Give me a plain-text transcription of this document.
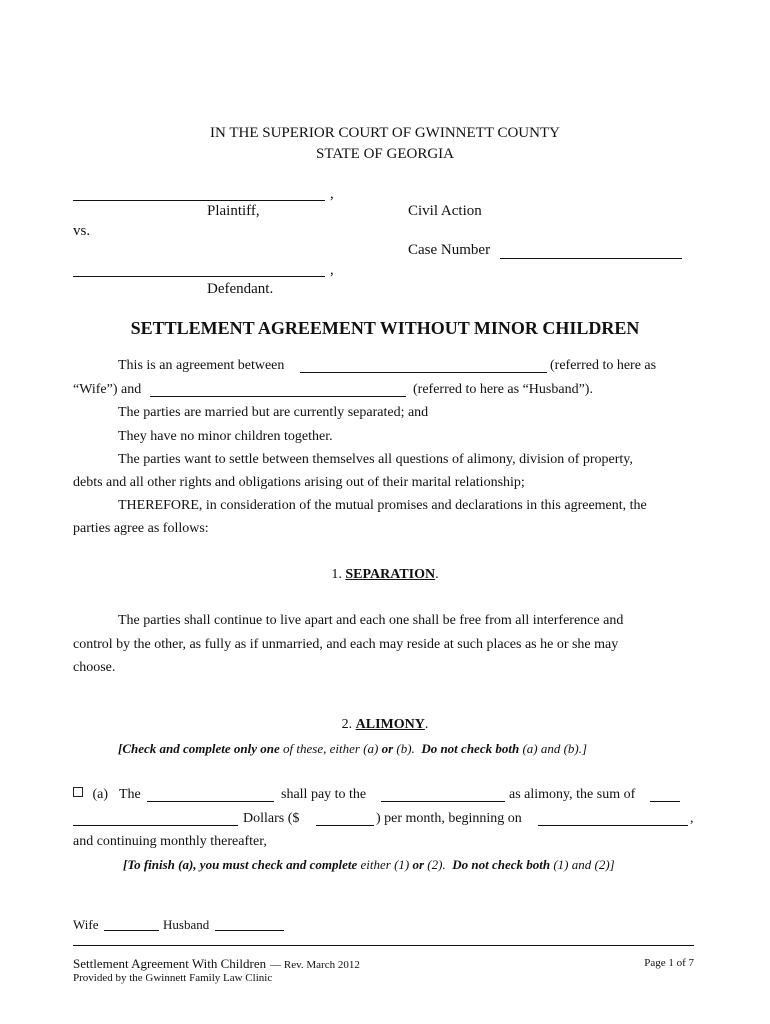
IN THE SUPERIOR COURT OF GWINNETT COUNTY
STATE OF GEORGIA
,
Plaintiff,	Civil Action
vs.
Case Number
,
Defendant.
SETTLEMENT AGREEMENT WITHOUT MINOR CHILDREN
This is an agreement between	(referred to here as
“Wife”) and	(referred to here as “Husband”).
The parties are married but are currently separated; and
They have no minor children together.
The parties want to settle between themselves all questions of alimony, division of property,
debts and all other rights and obligations arising out of their marital relationship;
THEREFORE, in consideration of the mutual promises and declarations in this agreement, the
parties agree as follows:
1. SEPARATION.
The parties shall continue to live apart and each one shall be free from all interference and
control by the other, as fully as if unmarried, and each may reside at such places as he or she may
choose.
2. ALIMONY.
[Check and complete only one of these, either (a) or (b). Do not check both (a) and (b).]
(a) The	shall pay to the	as alimony, the sum of
Dollars ($	) per month, beginning on	,
and continuing monthly thereafter,
[To finish (a), you must check and complete either (1) or (2). Do not check both (1) and (2)]
Wife	Husband
Settlement Agreement With Children — Rev. March 2012	Page 1 of 7
Provided by the Gwinnett Family Law Clinic
